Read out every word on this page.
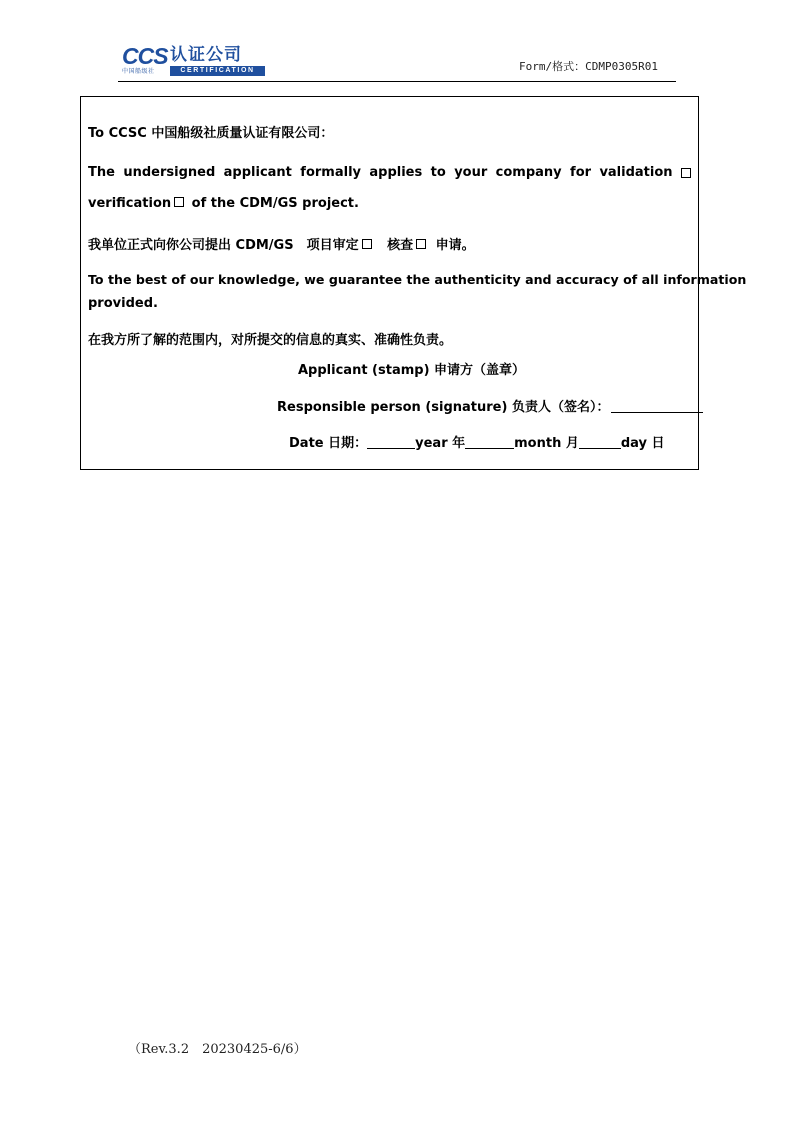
CCS
中国船级社
认证公司
CERTIFICATION	Form/格式：CDMP0305R01
To CCSC 中国船级社质量认证有限公司：
The undersigned applicant formally applies to your company for validation
verification of the CDM/GS project.
我单位正式向你公司提出 CDM/GS　项目审定 核查 申请。
To the best of our knowledge, we guarantee the authenticity and accuracy of all information
provided.
在我方所了解的范围内，对所提交的信息的真实、准确性负责。
Applicant (stamp) 申请方（盖章）
Responsible person (signature) 负责人（签名）：
Date 日期：	year 年	month 月	day 日
（Rev.3.2　20230425-6/6）
